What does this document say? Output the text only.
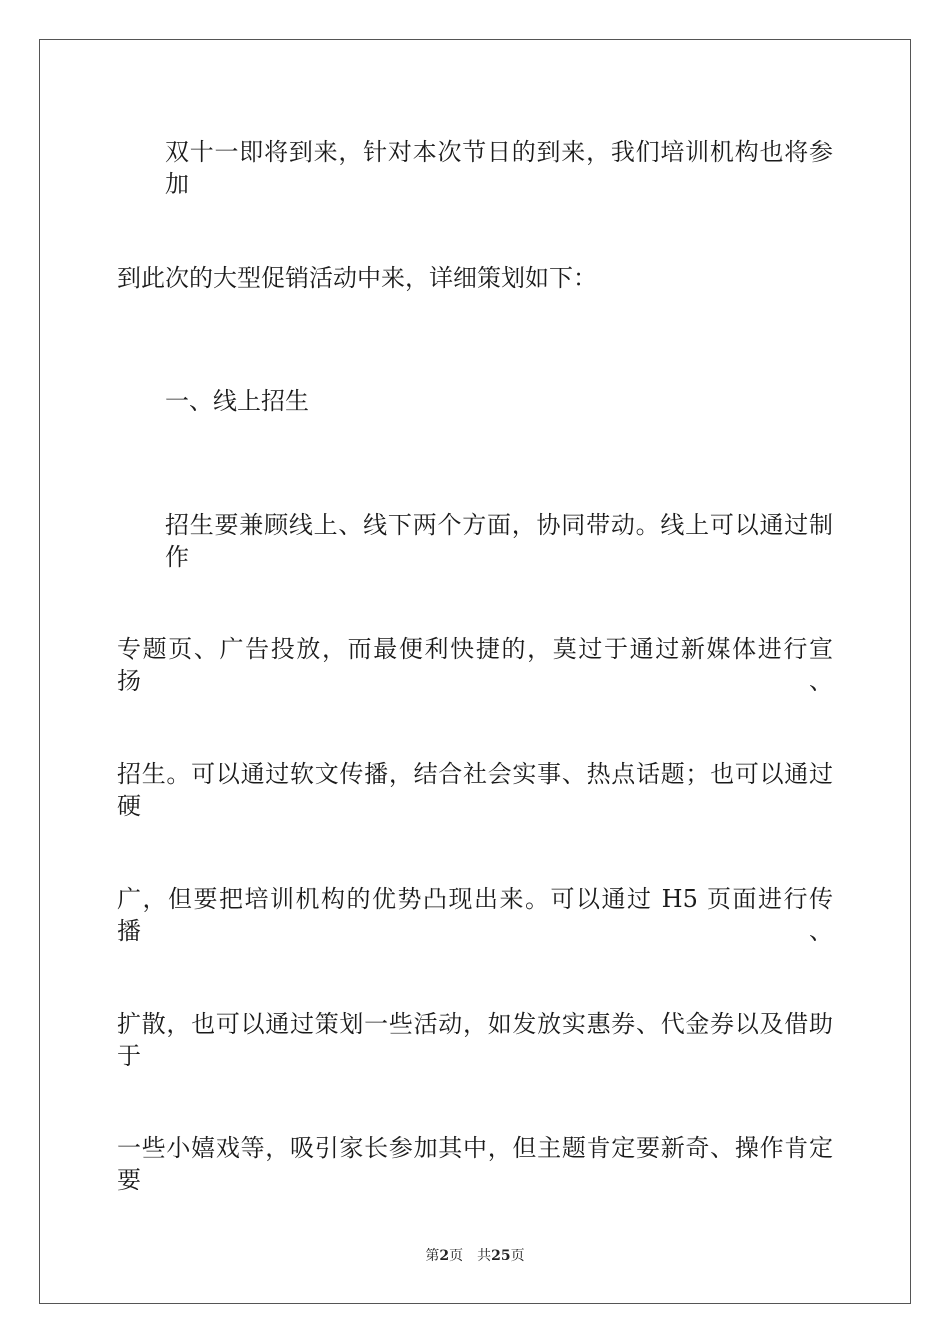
双十一即将到来，针对本次节日的到来，我们培训机构也将参加

到此次的大型促销活动中来，详细策划如下：

一、线上招生

招生要兼顾线上、线下两个方面，协同带动。线上可以通过制作

专题页、广告投放，而最便利快捷的，莫过于通过新媒体进行宣扬、

招生。可以通过软文传播，结合社会实事、热点话题；也可以通过硬

广，但要把培训机构的优势凸现出来。可以通过 H5 页面进行传播、

扩散，也可以通过策划一些活动，如发放实惠券、代金券以及借助于

一些小嬉戏等，吸引家长参加其中，但主题肯定要新奇、操作肯定要

第2页 共25页
